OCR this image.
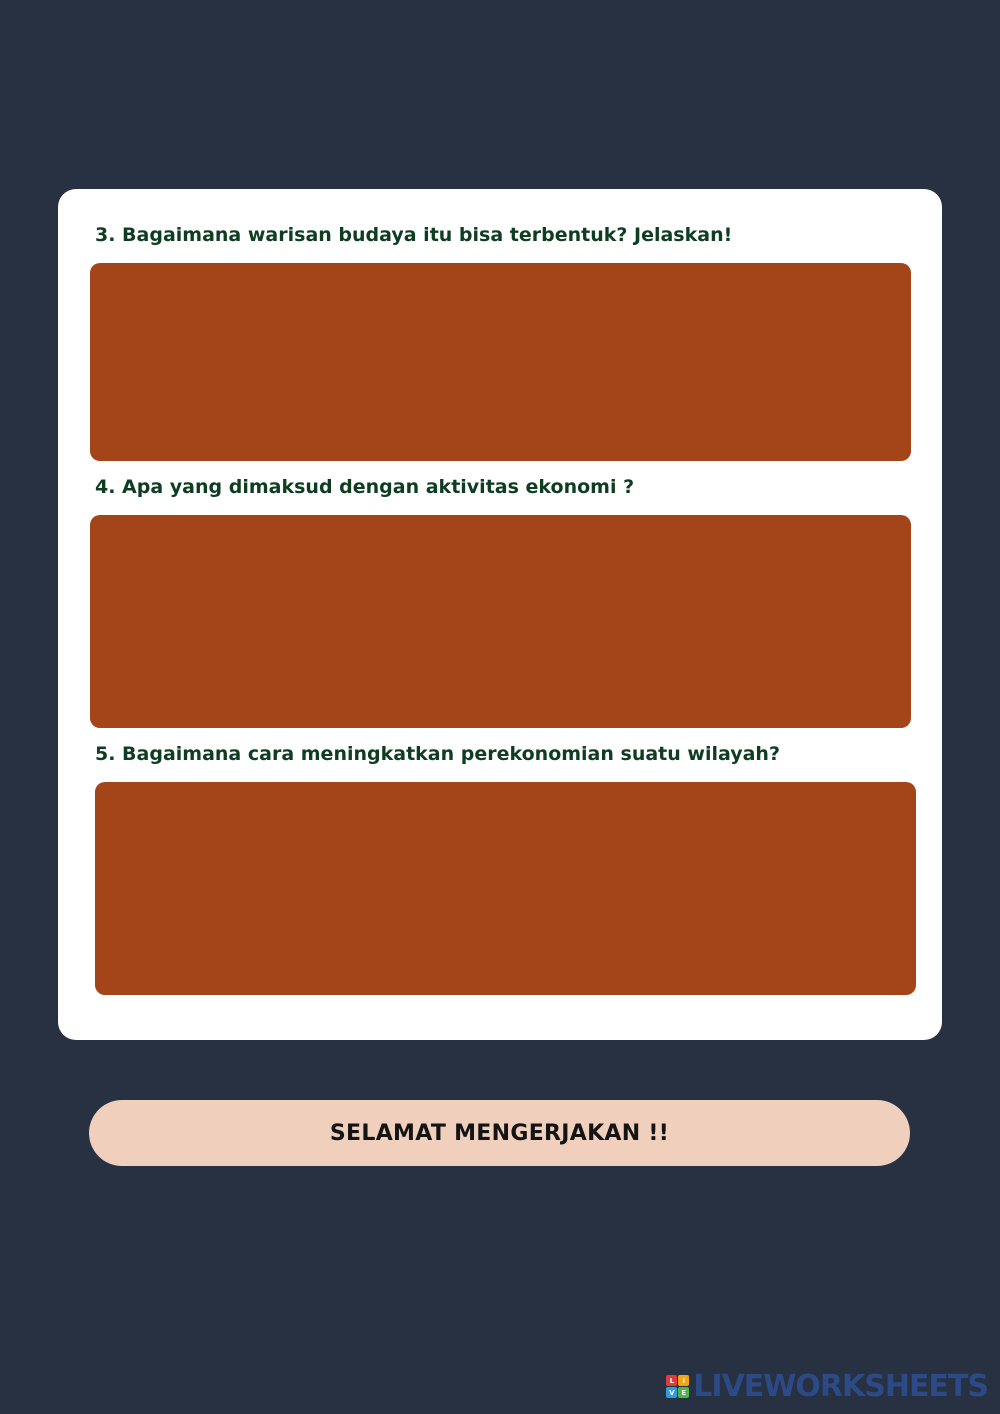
3. Bagaimana warisan budaya itu bisa terbentuk? Jelaskan!

4. Apa yang dimaksud dengan aktivitas ekonomi ?

5. Bagaimana cara meningkatkan perekonomian suatu wilayah?

SELAMAT MENGERJAKAN !!
L	I
V E LIVEWORKSHEETS
